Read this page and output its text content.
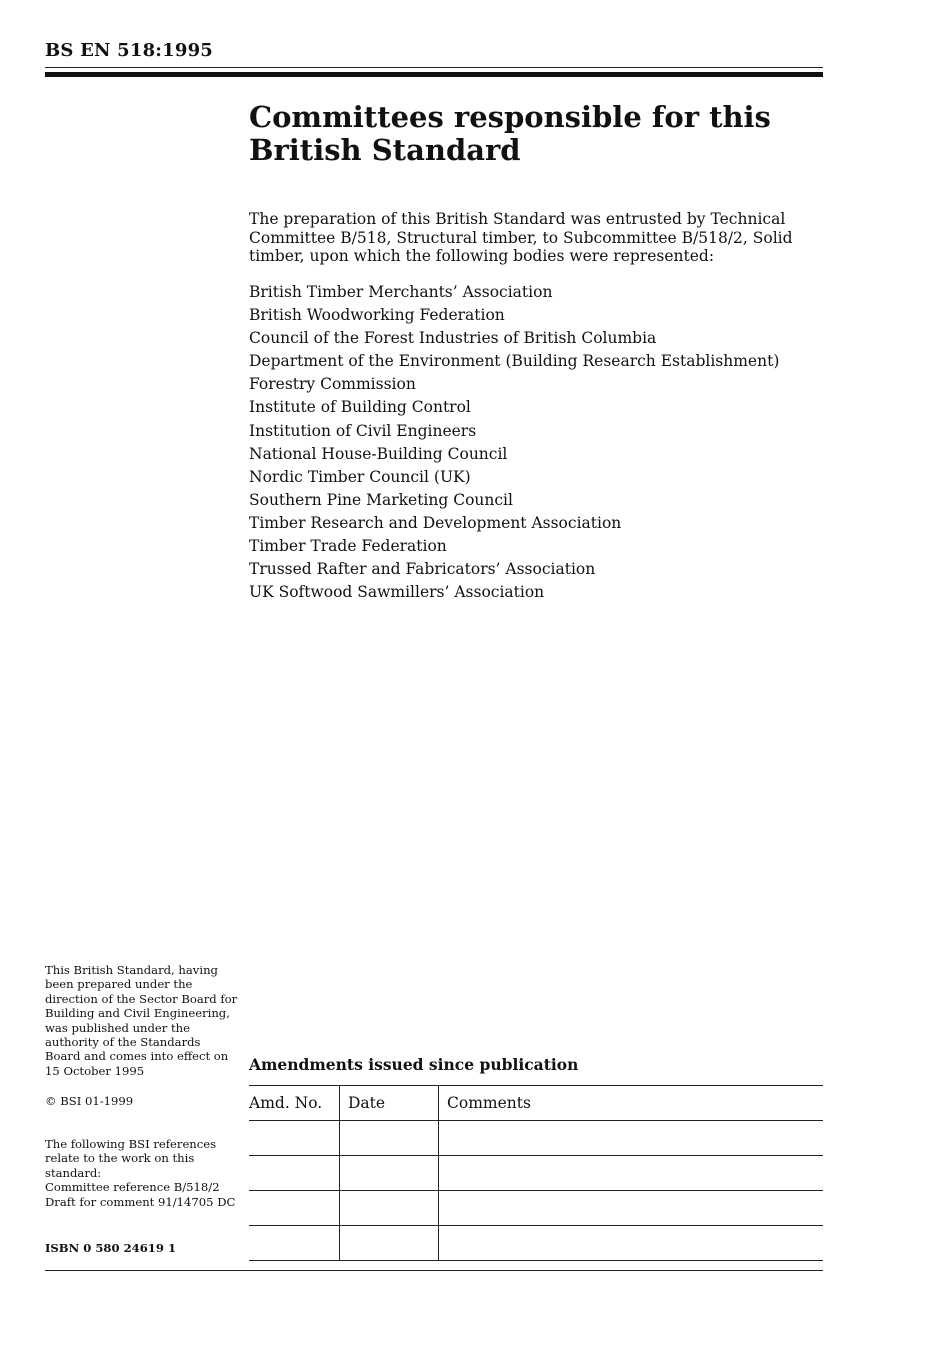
BS EN 518:1995
Committees responsible for this
British Standard

The preparation of this British Standard was entrusted by Technical Committee B/518, Structural timber, to Subcommittee B/518/2, Solid timber, upon which the following bodies were represented:

British Timber Merchants’ Association
British Woodworking Federation
Council of the Forest Industries of British Columbia
Department of the Environment (Building Research Establishment)
Forestry Commission
Institute of Building Control
Institution of Civil Engineers
National House-Building Council
Nordic Timber Council (UK)
Southern Pine Marketing Council
Timber Research and Development Association
Timber Trade Federation
Trussed Rafter and Fabricators’ Association
UK Softwood Sawmillers’ Association
This British Standard, having
been prepared under the
direction of the Sector Board for
Building and Civil Engineering,
was published under the
authority of the Standards
Board and comes into effect on
15 October 1995
© BSI 01-1999
The following BSI references
relate to the work on this
standard:
Committee reference B/518/2
Draft for comment 91/14705 DC
ISBN 0 580 24619 1
Amendments issued since publication
Amd. No.	Date	Comments
